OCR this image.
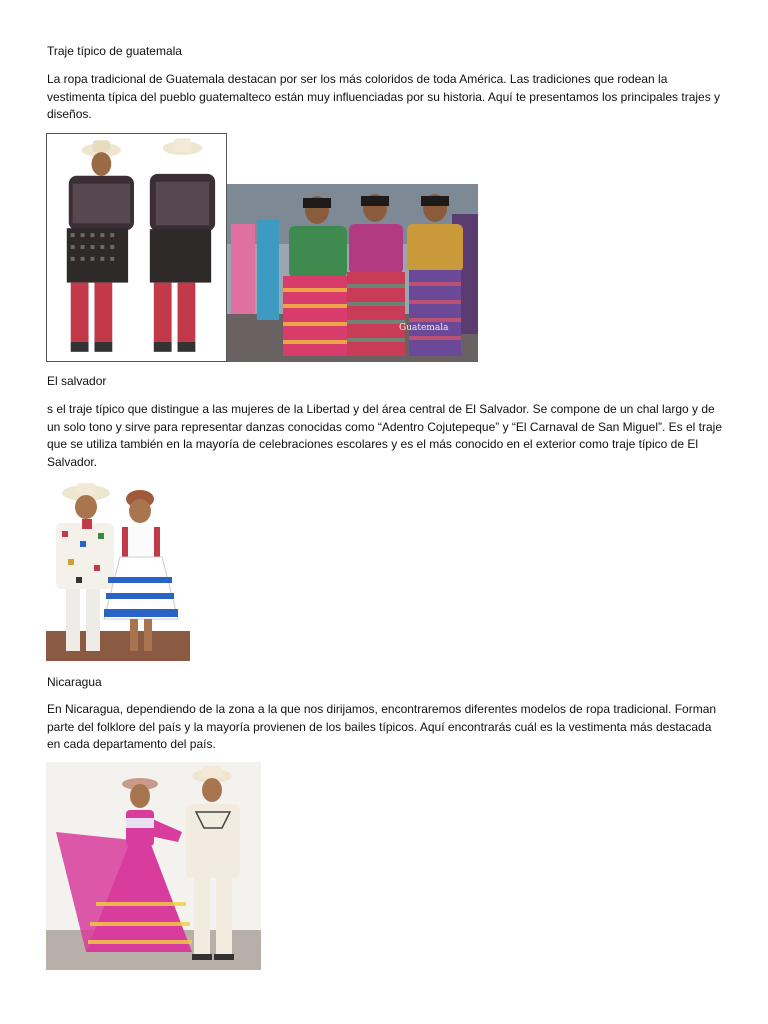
Traje típico de guatemala

La ropa tradicional de Guatemala destacan por ser los más coloridos de toda América. Las tradiciones que rodean la vestimenta típica del pueblo guatemalteco están muy influenciadas por su historia. Aquí te presentamos los principales trajes y diseños.

Guatemala

El salvador

s el traje típico que distingue a las mujeres de la Libertad y del área central de El Salvador. Se compone de un chal largo y de un solo tono y sirve para representar danzas conocidas como “Adentro Cojutepeque” y “El Carnaval de San Miguel”. Es el traje que se utiliza también en la mayoría de celebraciones escolares y es el más conocido en el exterior como traje típico de El Salvador.

Nicaragua

En Nicaragua, dependiendo de la zona a la que nos dirijamos, encontraremos diferentes modelos de ropa tradicional. Forman parte del folklore del país y la mayoría provienen de los bailes típicos. Aquí encontrarás cuál es la vestimenta más destacada en cada departamento del país.
